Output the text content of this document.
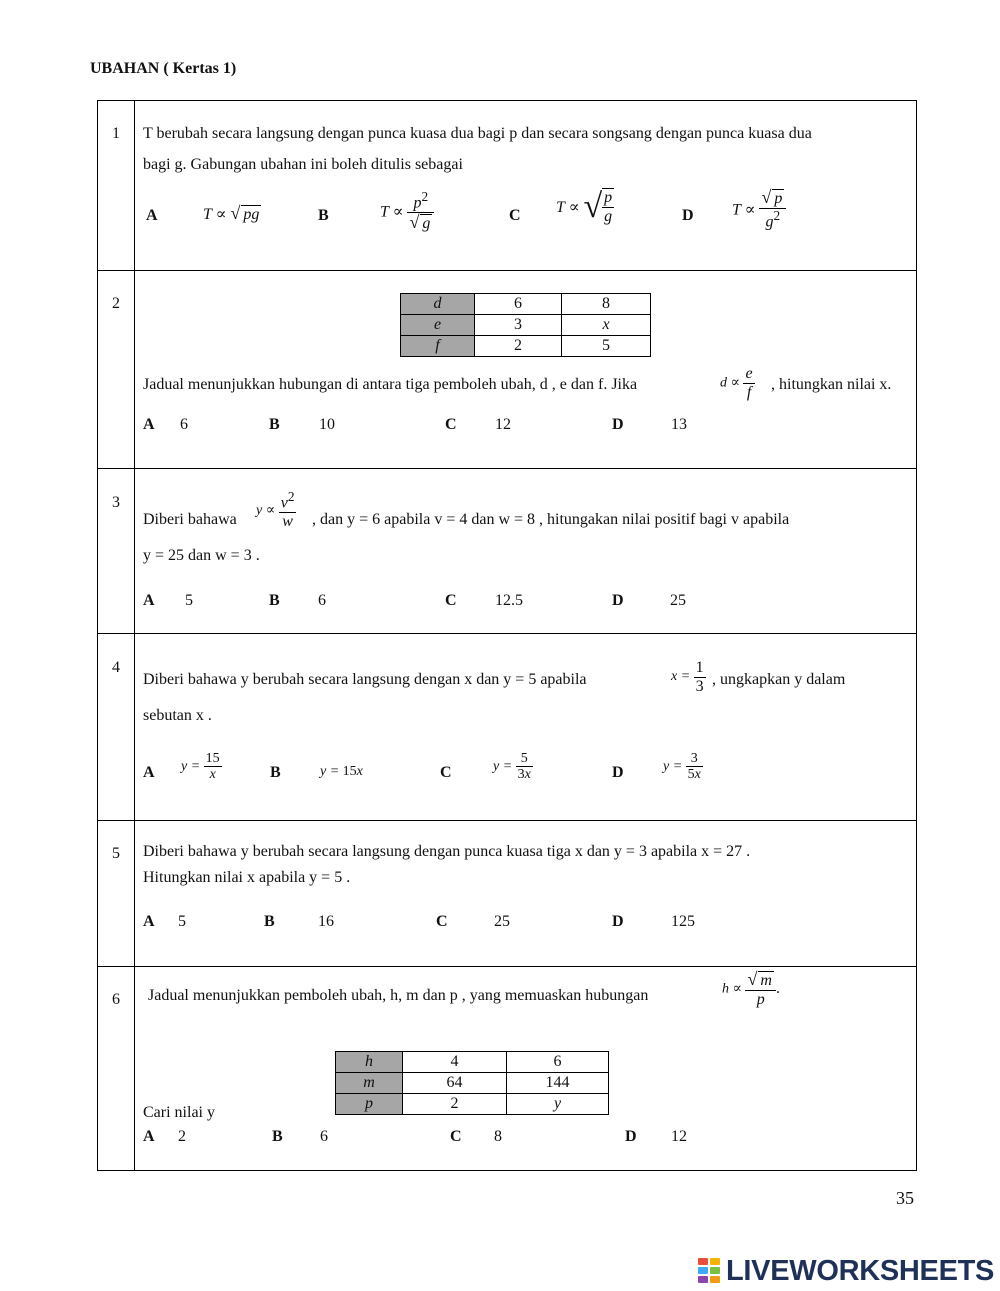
UBAHAN ( Kertas 1)
1 T berubah secara langsung dengan punca kuasa dua bagi p dan secara songsang dengan punca kuasa dua
bagi g. Gabungan ubahan ini boleh ditulis sebagai
A	T ∝ √ pg	B	$T \propto \frac{p^2}{√ g}$	C T ∝ √ $\frac{p}{g}$	D $T \propto \frac{√ p}{g^2}$
2	d	6	8
e	3	x
f	2	5
Jadual menunjukkan hubungan di antara tiga pemboleh ubah, d , e dan f. Jika	$d \propto \frac{e}{f}$ , hitungkan nilai x.
A 6	B 10	C 12	D	13
3
Diberi bahawa
$y \propto \frac{v^2}{w}$ , dan y = 6 apabila v = 4 dan w = 8 , hitungakan nilai positif bagi v apabila
y = 25 dan w = 3 .
A 5	B 6	C 12.5	D	25
4
Diberi bahawa y berubah secara langsung dengan x dan y = 5 apabila	$x = \frac{1}{3}$ , ungkapkan y dalam
sebutan x .
A $y = \frac{15}{x}$	B	y = 15x	C	$y = \frac{5}{3x}$	D	$y = \frac{3}{5x}$
5 Diberi bahawa y berubah secara langsung dengan punca kuasa tiga x dan y = 3 apabila x = 27 .
Hitungkan nilai x apabila y = 5 .
A 5	B	16	C	25	D	125
6 Jadual menunjukkan pemboleh ubah, h, m dan p , yang memuaskan hubungan	$h \propto \frac{√ m}{p}$ .
h	4	6
m	64	144
p	2	y
Cari nilai y
A 2	B 6	C 8	D 12
35
LIVEWORKSHEETS
